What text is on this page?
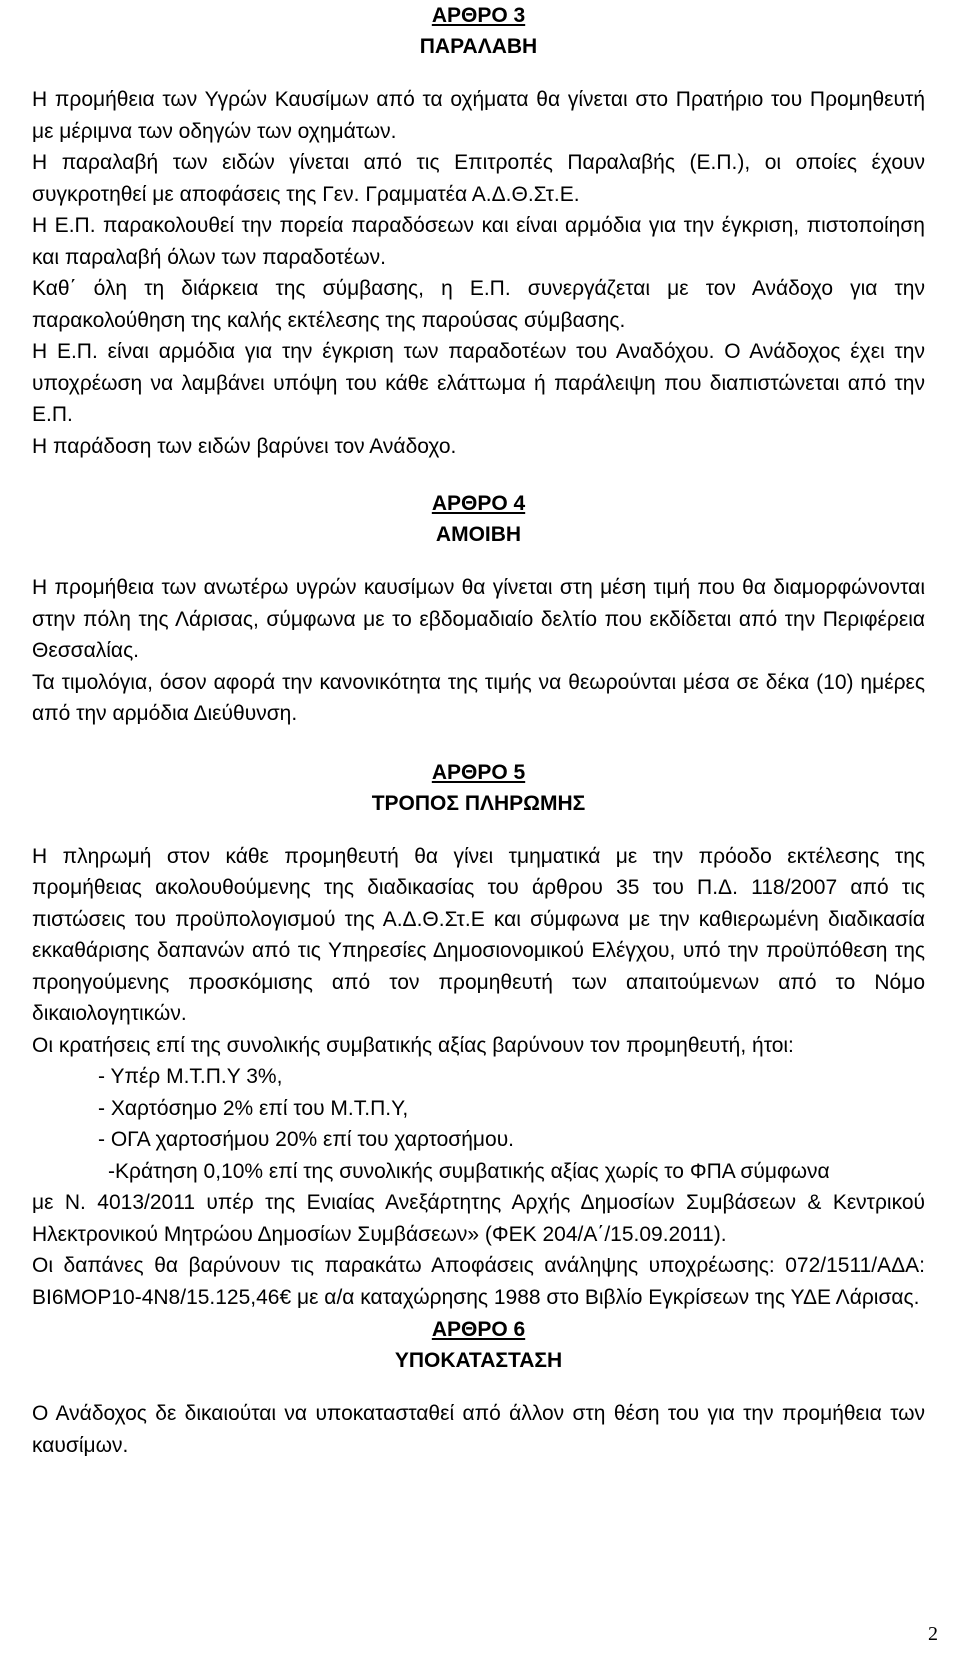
ΑΡΘΡΟ 3
ΠΑΡΑΛΑΒΗ

Η προμήθεια των Υγρών Καυσίμων από τα οχήματα θα γίνεται στο Πρατήριο του Προμηθευτή με μέριμνα των οδηγών των οχημάτων.

Η παραλαβή των ειδών γίνεται από τις Επιτροπές Παραλαβής (Ε.Π.), οι οποίες έχουν συγκροτηθεί με αποφάσεις της Γεν. Γραμματέα Α.Δ.Θ.Στ.Ε.

Η Ε.Π. παρακολουθεί την πορεία παραδόσεων και είναι αρμόδια για την έγκριση, πιστοποίηση και παραλαβή όλων των παραδοτέων.

Καθ΄ όλη τη διάρκεια της σύμβασης, η Ε.Π. συνεργάζεται με τον Ανάδοχο για την παρακολούθηση της καλής εκτέλεσης της παρούσας σύμβασης.

Η Ε.Π. είναι αρμόδια για την έγκριση των παραδοτέων του Αναδόχου. Ο Ανάδοχος έχει την υποχρέωση να λαμβάνει υπόψη του κάθε ελάττωμα ή παράλειψη που διαπιστώνεται από την Ε.Π.

Η παράδοση των ειδών βαρύνει τον Ανάδοχο.

ΑΡΘΡΟ 4
ΑΜΟΙΒΗ

Η προμήθεια των ανωτέρω υγρών καυσίμων θα γίνεται στη μέση τιμή που θα διαμορφώνονται στην πόλη της Λάρισας, σύμφωνα με το εβδομαδιαίο δελτίο που εκδίδεται από την Περιφέρεια Θεσσαλίας.

Τα τιμολόγια, όσον αφορά την κανονικότητα της τιμής να θεωρούνται μέσα σε δέκα (10) ημέρες από την αρμόδια Διεύθυνση.

ΑΡΘΡΟ 5
ΤΡΟΠΟΣ ΠΛΗΡΩΜΗΣ

Η πληρωμή στον κάθε προμηθευτή θα γίνει τμηματικά με την πρόοδο εκτέλεσης της προμήθειας ακολουθούμενης της διαδικασίας του άρθρου 35 του Π.Δ. 118/2007 από τις πιστώσεις του προϋπολογισμού της Α.Δ.Θ.Στ.Ε και σύμφωνα με την καθιερωμένη διαδικασία εκκαθάρισης δαπανών από τις Υπηρεσίες Δημοσιονομικού Ελέγχου, υπό την προϋπόθεση της προηγούμενης προσκόμισης από τον προμηθευτή των απαιτούμενων από το Νόμο δικαιολογητικών.

Οι κρατήσεις επί της συνολικής συμβατικής αξίας βαρύνουν τον προμηθευτή, ήτοι:

- Υπέρ Μ.Τ.Π.Υ 3%,

- Χαρτόσημο 2% επί του Μ.Τ.Π.Υ,

- ΟΓΑ χαρτοσήμου 20% επί του χαρτοσήμου.

-Κράτηση 0,10% επί της συνολικής συμβατικής αξίας χωρίς το ΦΠΑ σύμφωνα

με Ν. 4013/2011 υπέρ της Ενιαίας Ανεξάρτητης Αρχής Δημοσίων Συμβάσεων & Κεντρικού Ηλεκτρονικού Μητρώου Δημοσίων Συμβάσεων» (ΦΕΚ 204/Α΄/15.09.2011).

Οι δαπάνες θα βαρύνουν τις παρακάτω Αποφάσεις ανάληψης υποχρέωσης: 072/1511/ΑΔΑ: ΒΙ6ΜΟΡ10-4Ν8/15.125,46€ με α/α καταχώρησης 1988 στο Βιβλίο Εγκρίσεων της ΥΔΕ Λάρισας.

ΑΡΘΡΟ 6
ΥΠΟΚΑΤΑΣΤΑΣΗ

Ο Ανάδοχος δε δικαιούται να υποκατασταθεί από άλλον στη θέση του για την προμήθεια των καυσίμων.

2
